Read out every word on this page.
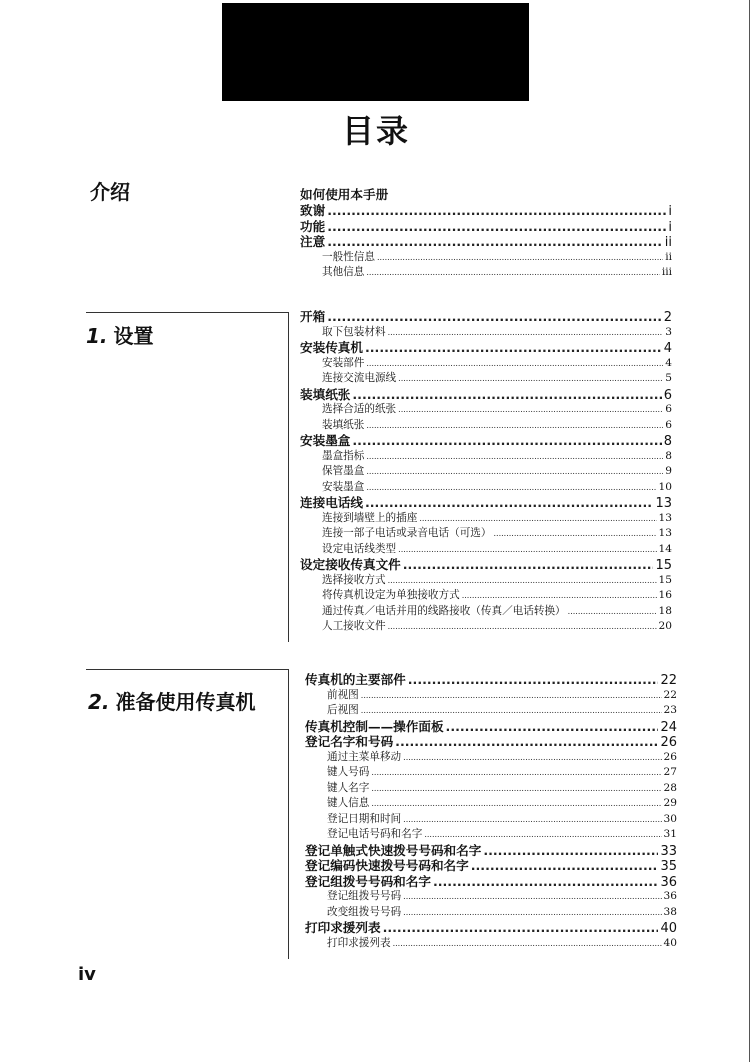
目录
介绍	如何使用本手册
致谢 .....	i
功能 .....	i
注意 .....	ii
一般性信息 .....	ii
其他信息 .....	iii
1. 设置
开箱 .....	2
取下包装材料 .....	3
安装传真机 .....	4
安装部件 .....	4
连接交流电源线 .....	5
装填纸张 .....	6
选择合适的纸张 .....	6
装填纸张 .....	6
安装墨盒 .....	8
墨盒指标 .....	8
保管墨盒 .....	9
安装墨盒 .....	10
连接电话线 .....	13
连接到墙壁上的插座 .....	13
连接一部子电话或录音电话（可选） .....	13
设定电话线类型 .....	14
设定接收传真文件 .....	15
选择接收方式 .....	15
将传真机设定为单独接收方式 .....	16
通过传真／电话并用的线路接收（传真／电话转换） .....	18
人工接收文件 .....	20
2. 准备使用传真机
传真机的主要部件 .....	22
前视图 .....	22
后视图 .....	23
传真机控制——操作面板 .....	24
登记名字和号码 .....	26
通过主菜单移动 .....	26
键人号码 .....	27
键人名字 .....	28
键人信息 .....	29
登记日期和时间 .....	30
登记电话号码和名字 .....	31
登记单触式快速拨号号码和名字 .....	33
登记编码快速拨号号码和名字 .....	35
登记组拨号号码和名字 .....	36
登记组拨号号码 .....	36
改变组拨号号码 .....	38
打印求援列表 .....	40
打印求援列表 .....	40
iv
